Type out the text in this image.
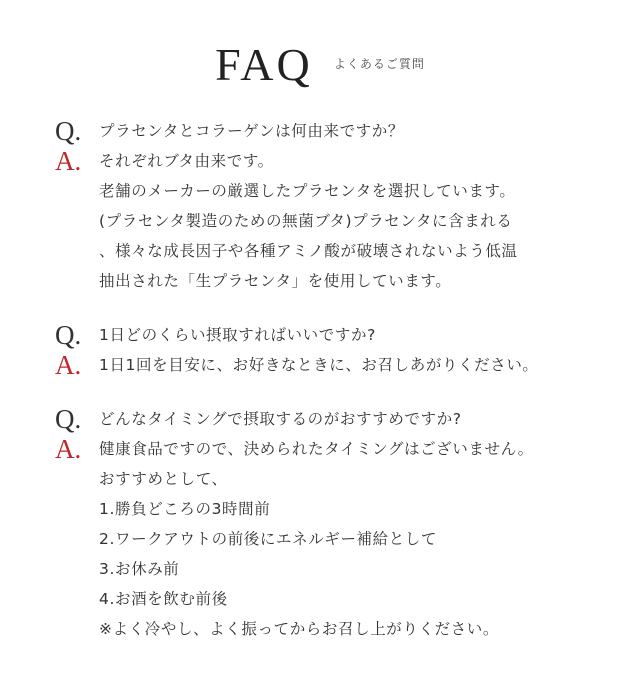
FAQ $^{よくあるご質問}$
Q.	プラセンタとコラーゲンは何由来ですか？
A.	それぞれブタ由来です。
老舗のメーカーの厳選したプラセンタを選択しています。
(プラセンタ製造のための無菌ブタ)プラセンタに含まれる
、様々な成長因子や各種アミノ酸が破壊されないよう低温
抽出された「生プラセンタ」を使用しています。
Q.	1日どのくらい摂取すればいいですか?
A.	1日1回を目安に、お好きなときに、お召しあがりください。
Q.	どんなタイミングで摂取するのがおすすめですか?
A.	健康食品ですので、決められたタイミングはございません。
おすすめとして、
1.勝負どころの3時間前
2.ワークアウトの前後にエネルギー補給として
3.お休み前
4.お酒を飲む前後
※よく冷やし、よく振ってからお召し上がりください。
